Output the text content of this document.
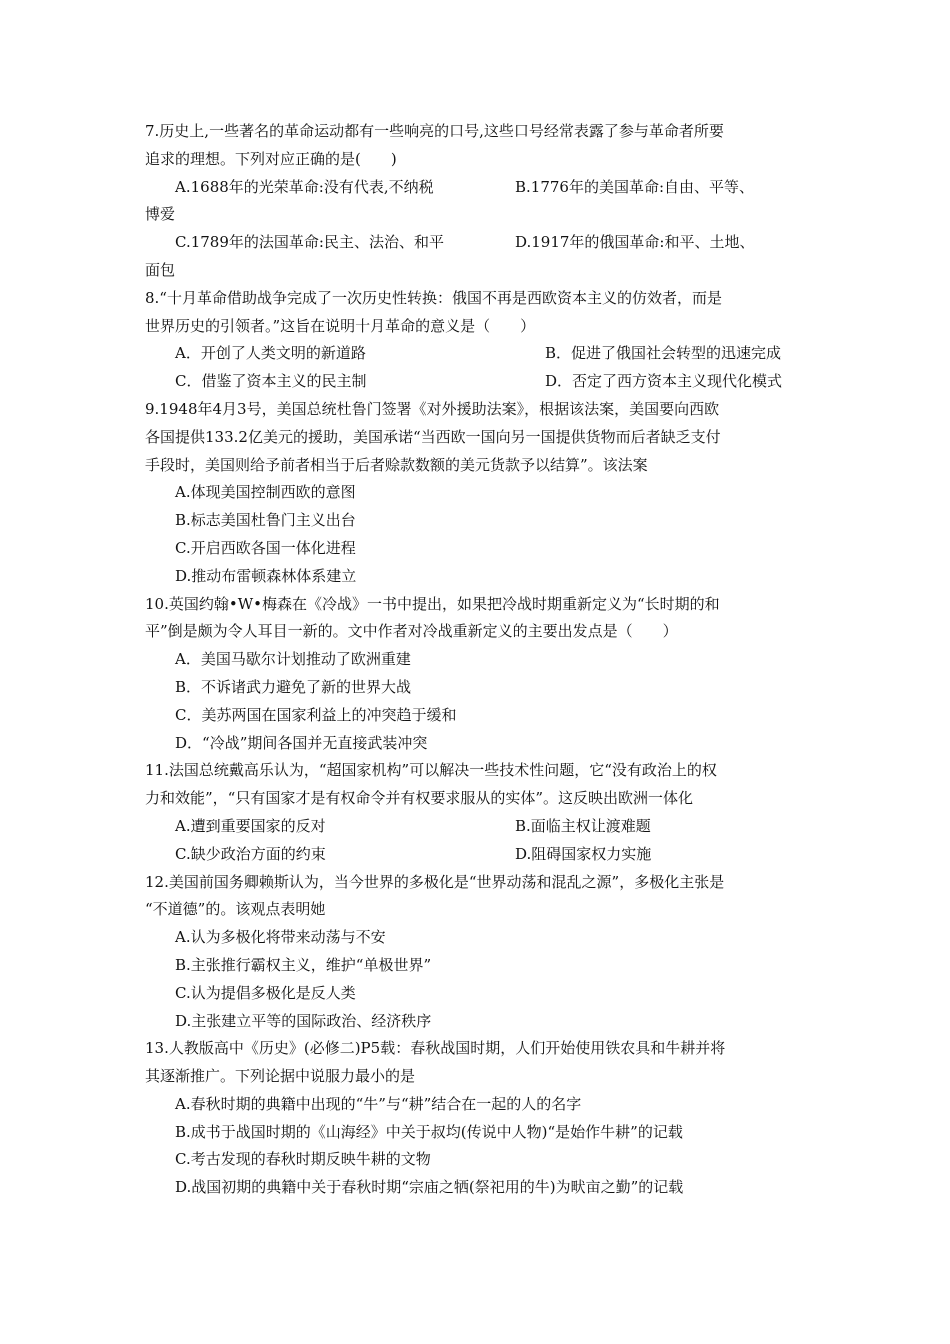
7.历史上,一些著名的革命运动都有一些响亮的口号,这些口号经常表露了参与革命者所要
追求的理想。下列对应正确的是(　　)
A.1688年的光荣革命:没有代表,不纳税	B.1776年的美国革命:自由、平等、
博爱
C.1789年的法国革命:民主、法治、和平	D.1917年的俄国革命:和平、土地、
面包
8.“十月革命借助战争完成了一次历史性转换：俄国不再是西欧资本主义的仿效者，而是
世界历史的引领者。”这旨在说明十月革命的意义是（　　）
A．开创了人类文明的新道路	B．促进了俄国社会转型的迅速完成
C．借鉴了资本主义的民主制	D．否定了西方资本主义现代化模式
9.1948年4月3号，美国总统杜鲁门签署《对外援助法案》，根据该法案，美国要向西欧
各国提供133.2亿美元的援助，美国承诺“当西欧一国向另一国提供货物而后者缺乏支付
手段时，美国则给予前者相当于后者赊款数额的美元货款予以结算”。该法案
A.体现美国控制西欧的意图
B.标志美国杜鲁门主义出台
C.开启西欧各国一体化进程
D.推动布雷顿森林体系建立
10.英国约翰•W•梅森在《冷战》一书中提出，如果把冷战时期重新定义为“长时期的和
平”倒是颇为令人耳目一新的。文中作者对冷战重新定义的主要出发点是（　　）
A．美国马歇尔计划推动了欧洲重建
B．不诉诸武力避免了新的世界大战
C．美苏两国在国家利益上的冲突趋于缓和
D．“冷战”期间各国并无直接武装冲突
11.法国总统戴高乐认为，“超国家机构”可以解决一些技术性问题，它“没有政治上的权
力和效能”，“只有国家才是有权命令并有权要求服从的实体”。这反映出欧洲一体化
A.遭到重要国家的反对	B.面临主权让渡难题
C.缺少政治方面的约束	D.阻碍国家权力实施
12.美国前国务卿赖斯认为，当今世界的多极化是“世界动荡和混乱之源”，多极化主张是
“不道德”的。该观点表明她
A.认为多极化将带来动荡与不安
B.主张推行霸权主义，维护“单极世界”
C.认为提倡多极化是反人类
D.主张建立平等的国际政治、经济秩序
13.人教版高中《历史》(必修二)P5载：春秋战国时期，人们开始使用铁农具和牛耕并将
其逐渐推广。下列论据中说服力最小的是
A.春秋时期的典籍中出现的“牛”与“耕”结合在一起的人的名字
B.成书于战国时期的《山海经》中关于叔均(传说中人物)“是始作牛耕”的记载
C.考古发现的春秋时期反映牛耕的文物
D.战国初期的典籍中关于春秋时期“宗庙之牺(祭祀用的牛)为畎亩之勤”的记载
